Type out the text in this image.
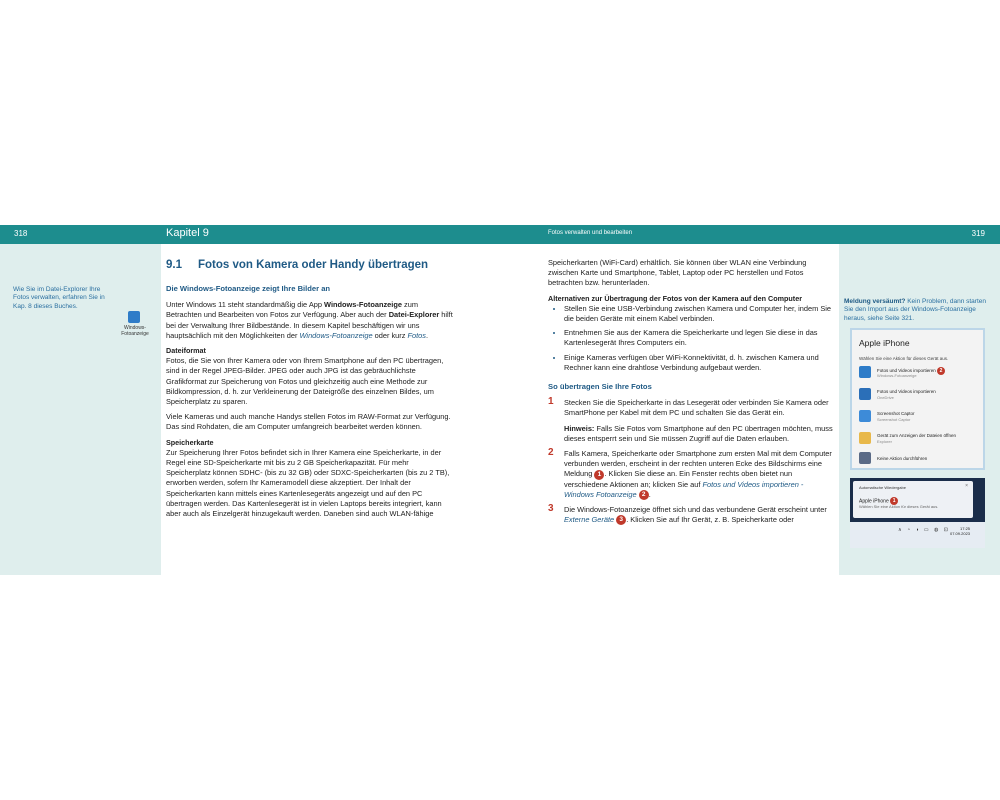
318	Kapitel 9	Fotos verwalten und bearbeiten	319
Wie Sie im Datei-Explorer Ihre Fotos verwalten, erfahren Sie in Kap. 8 dieses Buches.
Windows-Fotoanzeige
9.1 Fotos von Kamera oder Handy übertragen
Die Windows-Fotoanzeige zeigt Ihre Bilder an

Unter Windows 11 steht standardmäßig die App Windows-Fotoanzeige zum Betrachten und Bearbeiten von Fotos zur Verfügung. Aber auch der Datei-Explorer hilft bei der Verwaltung Ihrer Bildbestände. In diesem Kapitel beschäftigen wir uns hauptsächlich mit den Möglichkeiten der Windows-Fotoanzeige oder kurz Fotos.

Dateiformat

Fotos, die Sie von Ihrer Kamera oder von Ihrem Smartphone auf den PC übertragen, sind in der Regel JPEG-Bilder. JPEG oder auch JPG ist das gebräuchlichste Grafikformat zur Speicherung von Fotos und gleichzeitig auch eine Methode zur Bildkompression, d. h. zur Verkleinerung der Dateigröße des einzelnen Bildes, um Speicherplatz zu sparen.

Viele Kameras und auch manche Handys stellen Fotos im RAW-Format zur Verfügung. Das sind Rohdaten, die am Computer umfangreich bearbeitet werden können.

Speicherkarte

Zur Speicherung Ihrer Fotos befindet sich in Ihrer Kamera eine Speicherkarte, in der Regel eine SD-Speicherkarte mit bis zu 2 GB Speicherkapazität. Für mehr Speicherplatz können SDHC- (bis zu 32 GB) oder SDXC-Speicherkarten (bis zu 2 TB), erworben werden, sofern Ihr Kameramodell diese akzeptiert. Der Inhalt der Speicherkarten kann mittels eines Kartenlesegeräts angezeigt und auf den PC übertragen werden. Das Kartenlesegerät ist in vielen Laptops bereits integriert, kann aber auch als Einzelgerät hinzugekauft werden. Daneben sind auch WLAN-fähige

Speicherkarten (WiFi-Card) erhältlich. Sie können über WLAN eine Verbindung zwischen Karte und Smartphone, Tablet, Laptop oder PC herstellen und Fotos betrachten bzw. herunterladen.

Alternativen zur Übertragung der Fotos von der Kamera auf den Computer
• Stellen Sie eine USB-Verbindung zwischen Kamera und Computer her, indem Sie die beiden Geräte mit einem Kabel verbinden.
• Entnehmen Sie aus der Kamera die Speicherkarte und legen Sie diese in das Kartenlesegerät Ihres Computers ein.
• Einige Kameras verfügen über WiFi-Konnektivität, d. h. zwischen Kamera und Rechner kann eine drahtlose Verbindung aufgebaut werden.
So übertragen Sie Ihre Fotos
1 Stecken Sie die Speicherkarte in das Lesegerät oder verbinden Sie Kamera oder SmartPhone per Kabel mit dem PC und schalten Sie das Gerät ein.
Hinweis: Falls Sie Fotos vom Smartphone auf den PC übertragen möchten, muss dieses entsperrt sein und Sie müssen Zugriff auf die Daten erlauben.
2 Falls Kamera, Speicherkarte oder Smartphone zum ersten Mal mit dem Computer verbunden werden, erscheint in der rechten unteren Ecke des Bildschirms eine Meldung 1 . Klicken Sie diese an. Ein Fenster rechts oben bietet nun verschiedene Aktionen an; klicken Sie auf Fotos und Videos importieren - Windows Fotoanzeige 2 .
3 Die Windows-Fotoanzeige öffnet sich und das verbundene Gerät erscheint unter Externe Geräte 3 . Klicken Sie auf Ihr Gerät, z. B. Speicherkarte oder
Meldung versäumt? Kein Problem, dann starten Sie den Import aus der Windows-Fotoanzeige heraus, siehe Seite 321.
Apple iPhone
Wählen Sie eine Aktion für dieses Gerät aus.
Fotos und Videos importieren 2
Windows-Fotoanzeige
Fotos und Videos importieren
OneDrive
Screenshot Captor
Screenshot Captor
Gerät zum Anzeigen der Dateien öffnen
Explorer
Keine Aktion durchführen
Automatische Wiedergabe	×
Apple iPhone 1
Wählen Sie eine Aktion für dieses Gerät aus.
∧ ◔ ◑ ▭ ◍ ⊡	17:25
07.09.2023
